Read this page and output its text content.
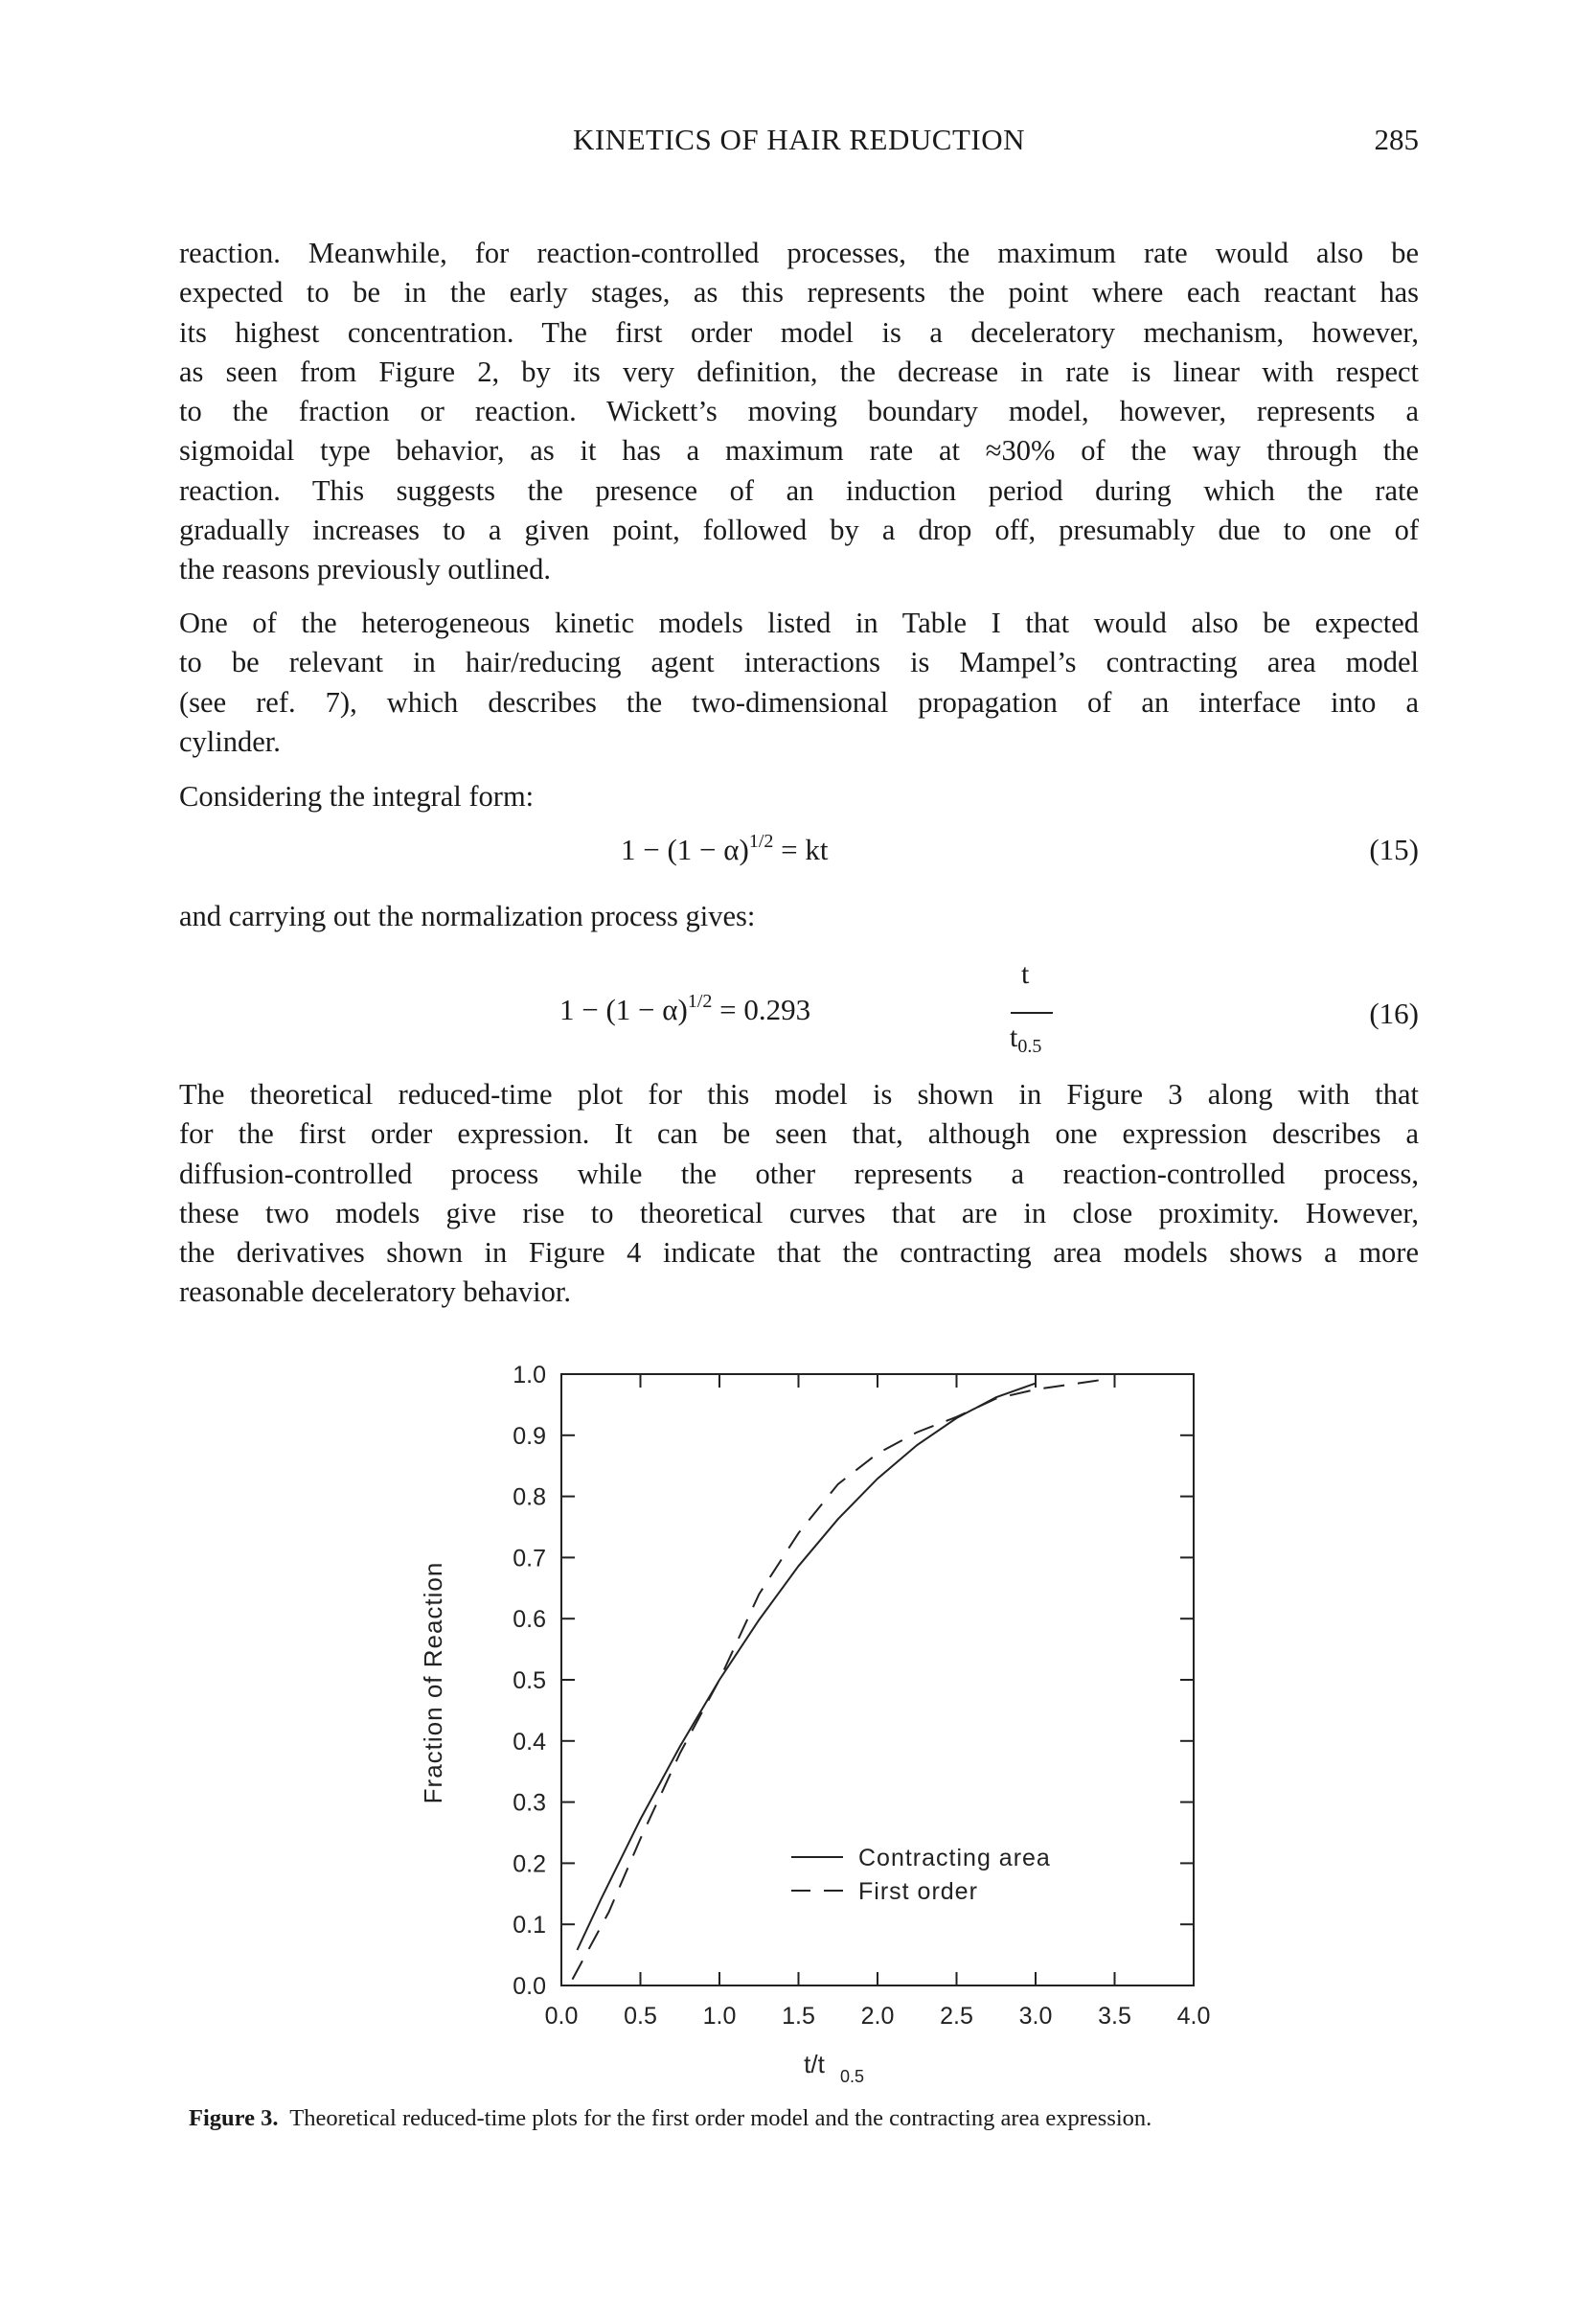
KINETICS OF HAIR REDUCTION	285
reaction. Meanwhile, for reaction-controlled processes, the maximum rate would also be
expected to be in the early stages, as this represents the point where each reactant has
its highest concentration. The first order model is a deceleratory mechanism, however,
as seen from Figure 2, by its very definition, the decrease in rate is linear with respect
to the fraction or reaction. Wickett’s moving boundary model, however, represents a
sigmoidal type behavior, as it has a maximum rate at ≈30% of the way through the
reaction. This suggests the presence of an induction period during which the rate
gradually increases to a given point, followed by a drop off, presumably due to one of
the reasons previously outlined.
One of the heterogeneous kinetic models listed in Table I that would also be expected
to be relevant in hair/reducing agent interactions is Mampel’s contracting area model
(see ref. 7), which describes the two-dimensional propagation of an interface into a
cylinder.
Considering the integral form:
and carrying out the normalization process gives:
The theoretical reduced-time plot for this model is shown in Figure 3 along with that
for the first order expression. It can be seen that, although one expression describes a
diffusion-controlled process while the other represents a reaction-controlled process,
these two models give rise to theoretical curves that are in close proximity. However,
the derivatives shown in Figure 4 indicate that the contracting area models shows a more
reasonable deceleratory behavior.
$1 - (1 - \alpha)^{1/2}$ = kt	(15)
$1 - (1 - \alpha)^{1/2} = 0.293$
t
$t_{0.5}$
(16)
0.0 0.5 1.0 1.5 2.0 2.5 3.0 3.5 4.0
0.0
0.1
0.2
0.3
0.4
0.5
0.6
0.7
0.8
0.9
1.0
Fraction of Reaction
t/t 0.5
Contracting area
First order
Figure 3. Theoretical reduced-time plots for the first order model and the contracting area expression.
